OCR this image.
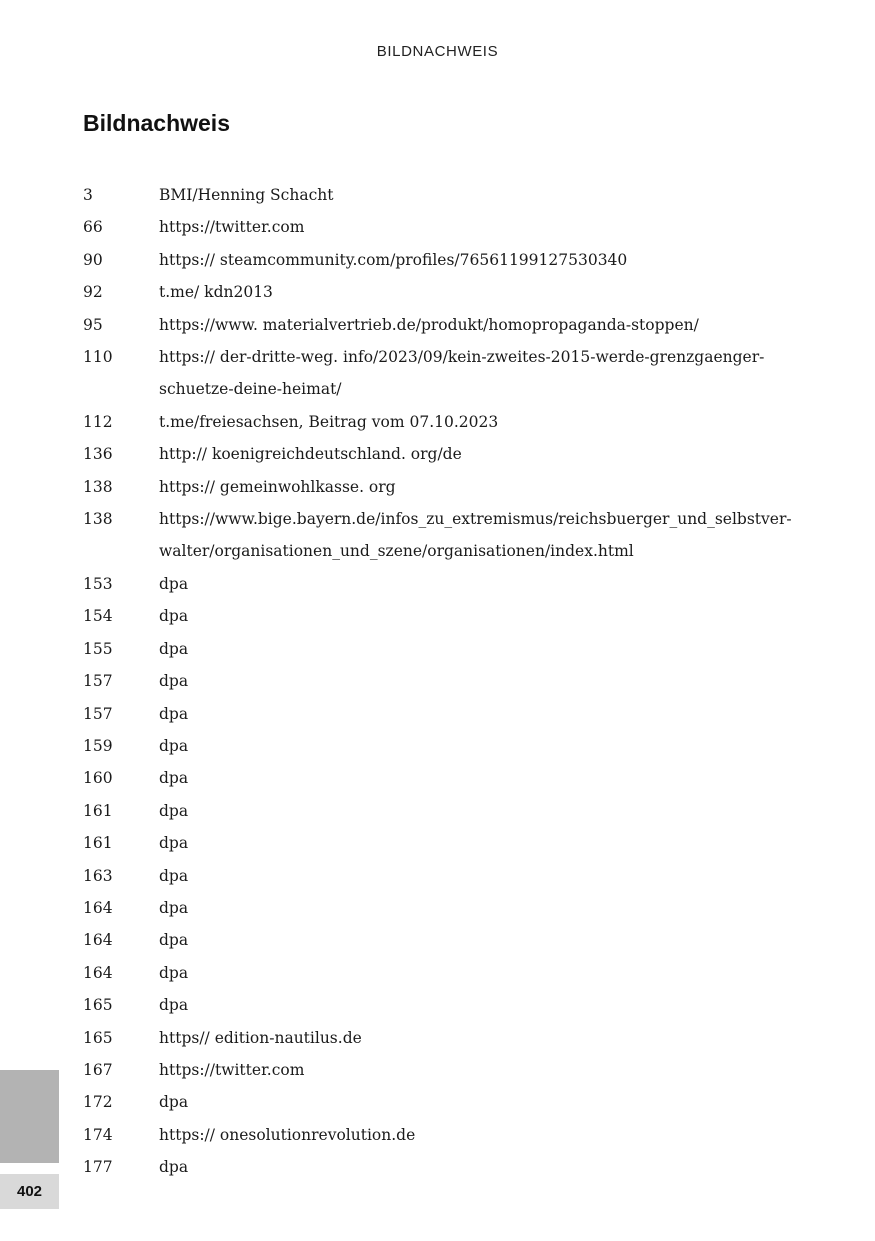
BILDNACHWEIS
Bildnachweis
3	BMI/Henning Schacht
66	https://twitter.com
90	https:// steamcommunity.com/profiles/76561199127530340
92	t.me/ kdn2013
95	https://www. materialvertrieb.de/produkt/homopropaganda-stoppen/
110	https:// der-dritte-weg. info/2023/09/kein-zweites-2015-werde-grenzgaenger-schuetze-deine-heimat/
112	t.me/freiesachsen, Beitrag vom 07.10.2023
136	http:// koenigreichdeutschland. org/de
138	https:// gemeinwohlkasse. org
138	https://www.bige.bayern.de/infos_zu_extremismus/reichsbuerger_und_selbstver-walter/organisationen_und_szene/organisationen/index.html
153	dpa
154	dpa
155	dpa
157	dpa
157	dpa
159	dpa
160	dpa
161	dpa
161	dpa
163	dpa
164	dpa
164	dpa
164	dpa
165	dpa
165	https// edition-nautilus.de
167	https://twitter.com
172	dpa
174	https:// onesolutionrevolution.de
177	dpa
402
